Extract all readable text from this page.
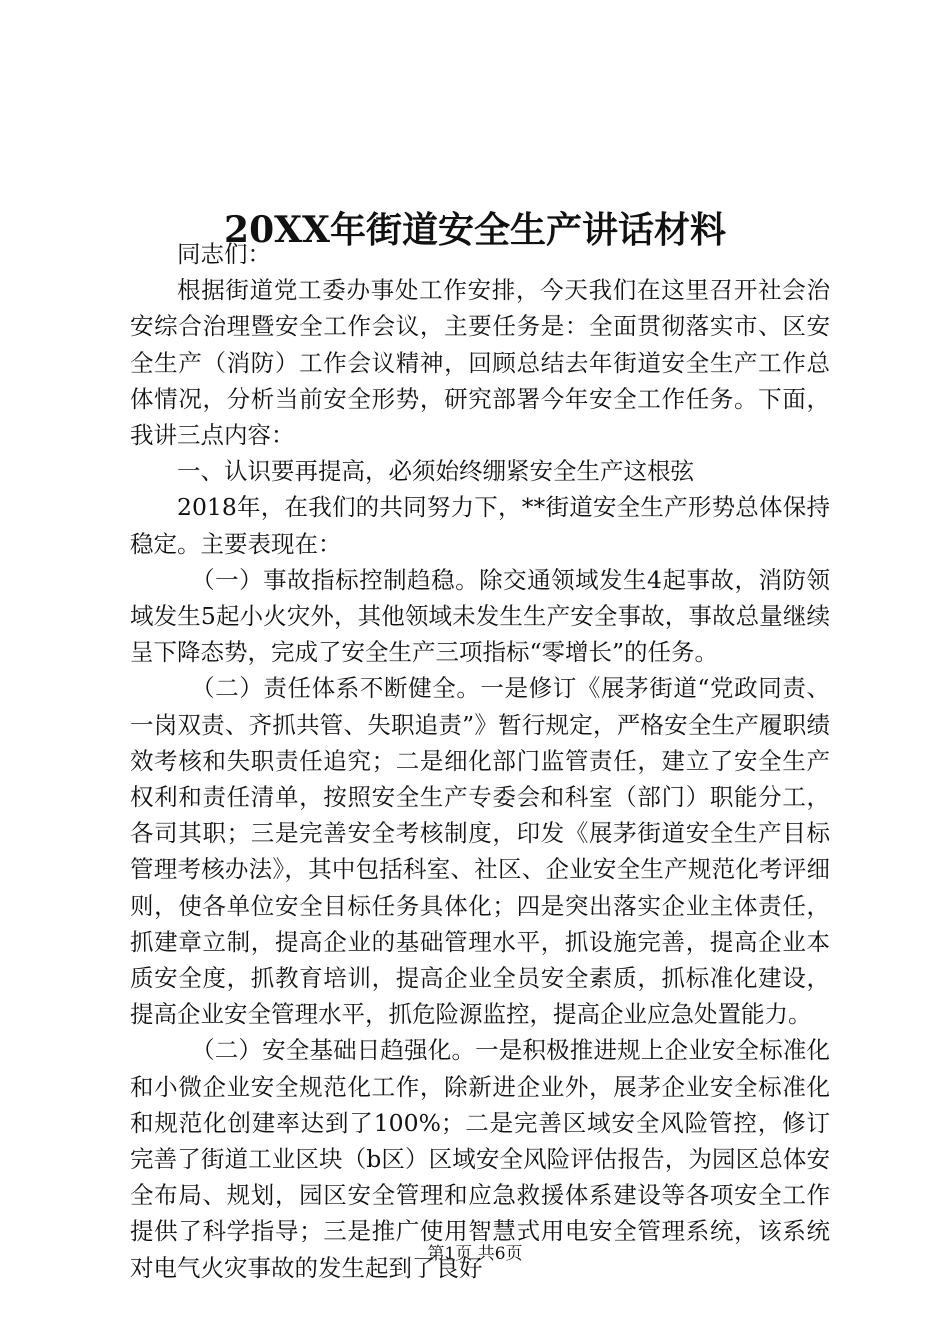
20XX年街道安全生产讲话材料

同志们：

根据街道党工委办事处工作安排，今天我们在这里召开社会治安综合治理暨安全工作会议，主要任务是：全面贯彻落实市、区安全生产（消防）工作会议精神，回顾总结去年街道安全生产工作总体情况，分析当前安全形势，研究部署今年安全工作任务。下面，我讲三点内容：

一、认识要再提高，必须始终绷紧安全生产这根弦

2018年，在我们的共同努力下，**街道安全生产形势总体保持稳定。主要表现在：

（一）事故指标控制趋稳。除交通领域发生4起事故，消防领域发生5起小火灾外，其他领域未发生生产安全事故，事故总量继续呈下降态势，完成了安全生产三项指标“零增长”的任务。

（二）责任体系不断健全。一是修订《展茅街道“党政同责、一岗双责、齐抓共管、失职追责”》暂行规定，严格安全生产履职绩效考核和失职责任追究；二是细化部门监管责任，建立了安全生产权利和责任清单，按照安全生产专委会和科室（部门）职能分工，各司其职；三是完善安全考核制度，印发《展茅街道安全生产目标管理考核办法》，其中包括科室、社区、企业安全生产规范化考评细则，使各单位安全目标任务具体化；四是突出落实企业主体责任，抓建章立制，提高企业的基础管理水平，抓设施完善，提高企业本质安全度，抓教育培训，提高企业全员安全素质，抓标准化建设，提高企业安全管理水平，抓危险源监控，提高企业应急处置能力。

（二）安全基础日趋强化。一是积极推进规上企业安全标准化和小微企业安全规范化工作，除新进企业外，展茅企业安全标准化和规范化创建率达到了100%；二是完善区域安全风险管控，修订完善了街道工业区块（b区）区域安全风险评估报告，为园区总体安全布局、规划，园区安全管理和应急救援体系建设等各项安全工作提供了科学指导；三是推广使用智慧式用电安全管理系统，该系统对电气火灾事故的发生起到了良好

第1页 共6页
